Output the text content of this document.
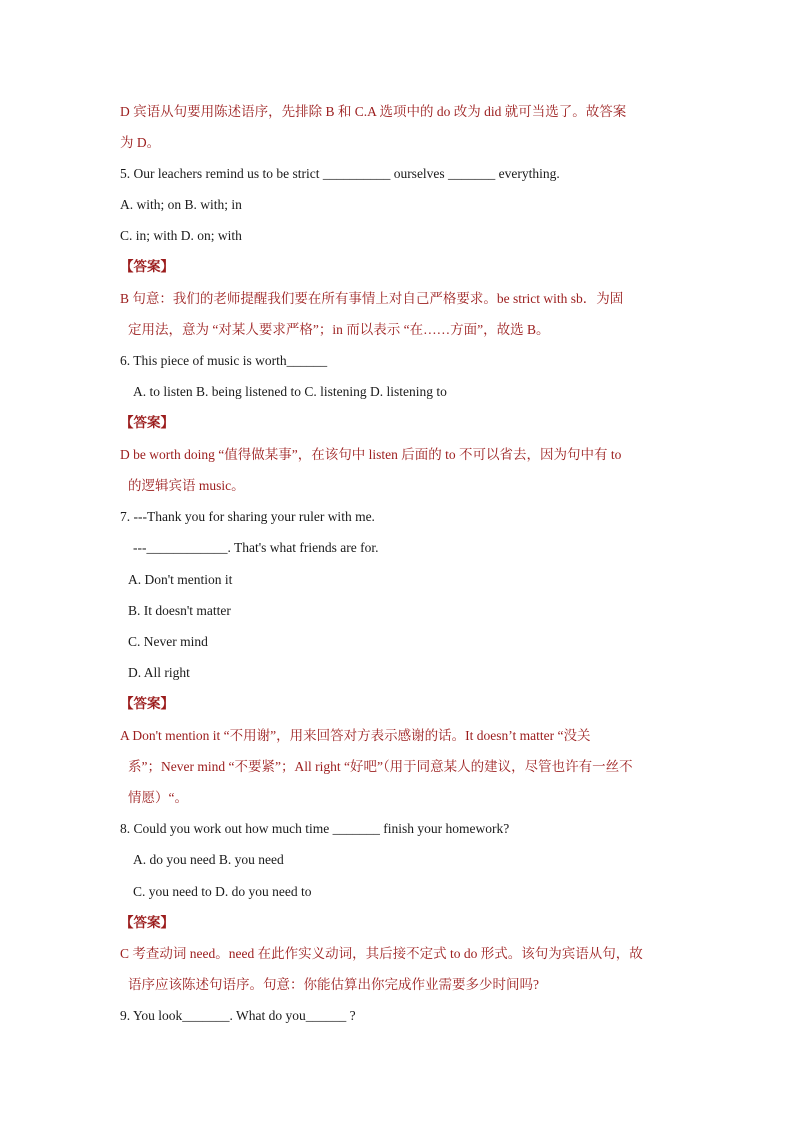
D 宾语从句要用陈述语序，先排除 B 和 C.A 选项中的 do 改为 did 就可当选了。故答案
为 D。
5. Our leachers remind us to be strict __________ ourselves _______ everything.
A. with; on B. with; in
C. in; with D. on; with
【答案】
B 句意：我们的老师提醒我们要在所有事情上对自己严格要求。be strict with sb．为固
定用法，意为 “对某人要求严格”；in 而以表示 “在……方面”，故选 B。
6. This piece of music is worth______
A. to listen B. being listened to C. listening D. listening to
【答案】
D be worth doing “值得做某事”，在该句中 listen 后面的 to 不可以省去，因为句中有 to
的逻辑宾语 music。
7. ---Thank you for sharing your ruler with me.
---____________. That's what friends are for.
A. Don't mention it
B. It doesn't matter
C. Never mind
D. All right
【答案】
A Don't mention it “不用谢”，用来回答对方表示感谢的话。It doesn’t matter “没关
系”；Never mind “不要紧”；All right “好吧”（用于同意某人的建议，尽管也许有一丝不
情愿）“。
8. Could you work out how much time _______ finish your homework?
A. do you need B. you need
C. you need to D. do you need to
【答案】
C 考查动词 need。need 在此作实义动词，其后接不定式 to do 形式。该句为宾语从句，故
语序应该陈述句语序。句意：你能估算出你完成作业需要多少时间吗?
9. You look_______. What do you______ ?
